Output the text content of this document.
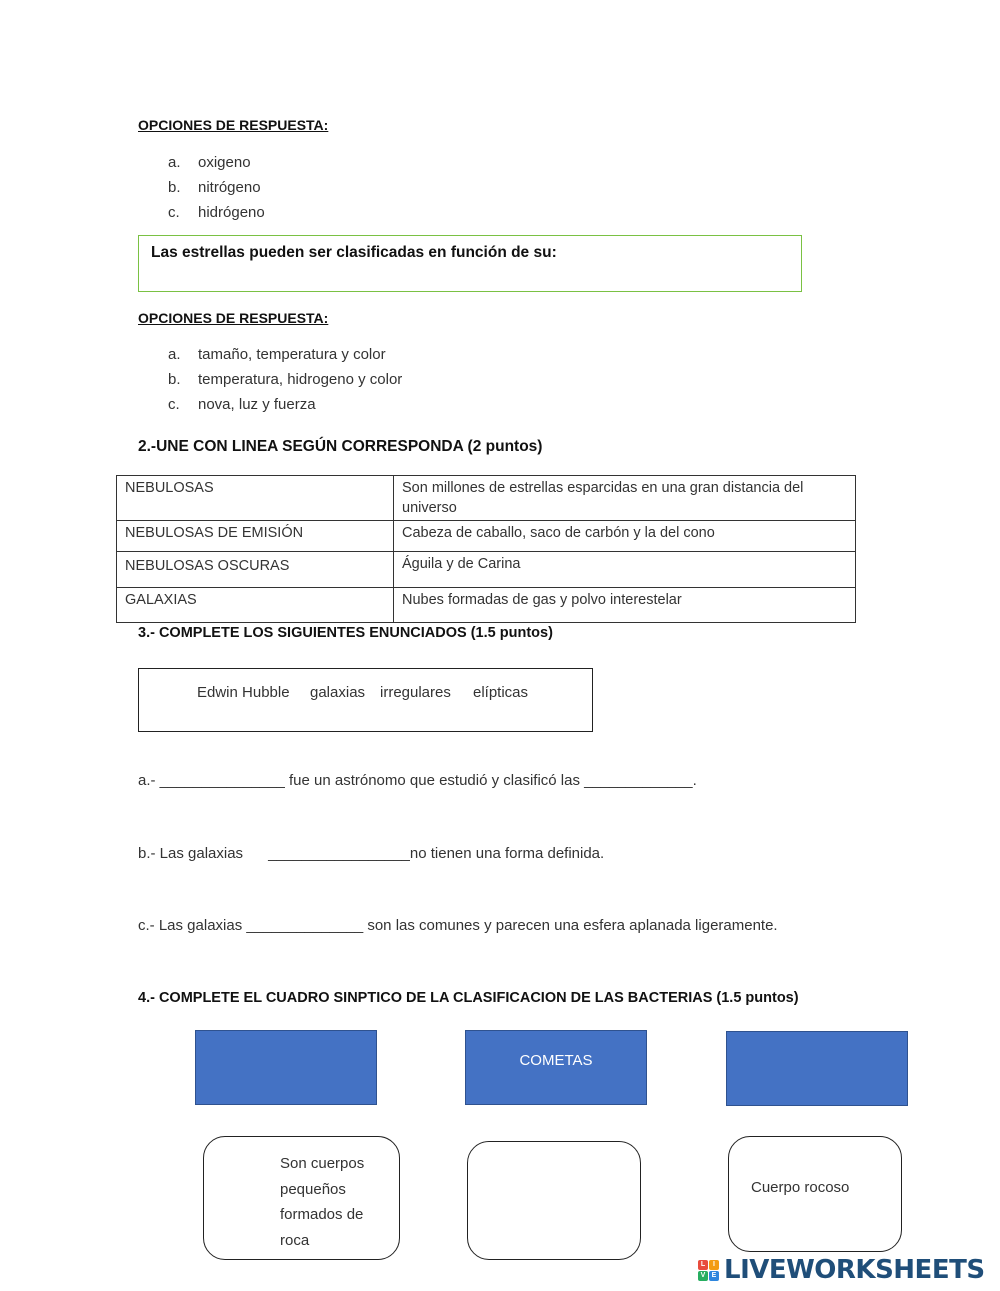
OPCIONES DE RESPUESTA:
a. oxigeno
b. nitrógeno
c. hidrógeno
Las estrellas pueden ser clasificadas en función de su:
OPCIONES DE RESPUESTA:
a. tamaño, temperatura y color
b. temperatura, hidrogeno y color
c. nova, luz y fuerza
2.-UNE CON LINEA SEGÚN CORRESPONDA (2 puntos)
NEBULOSAS	Son millones de estrellas esparcidas en una gran distancia del universo
NEBULOSAS DE EMISIÓN	Cabeza de caballo, saco de carbón y la del cono
NEBULOSAS OSCURAS	Águila y de Carina
GALAXIAS	Nubes formadas de gas y polvo interestelar
3.- COMPLETE LOS SIGUIENTES ENUNCIADOS (1.5 puntos)
Edwin Hubble galaxias irregulares elípticas
a.- _______________ fue un astrónomo que estudió y clasificó las _____________.
b.- Las galaxias      _________________no tienen una forma definida.
c.- Las galaxias ______________ son las comunes y parecen una esfera aplanada ligeramente.
4.- COMPLETE EL CUADRO SINPTICO DE LA CLASIFICACION DE LAS BACTERIAS (1.5 puntos)
COMETAS
Son cuerpos
pequeños
formados de
roca
Cuerpo rocoso
L	I
V E LIVEWORKSHEETS
